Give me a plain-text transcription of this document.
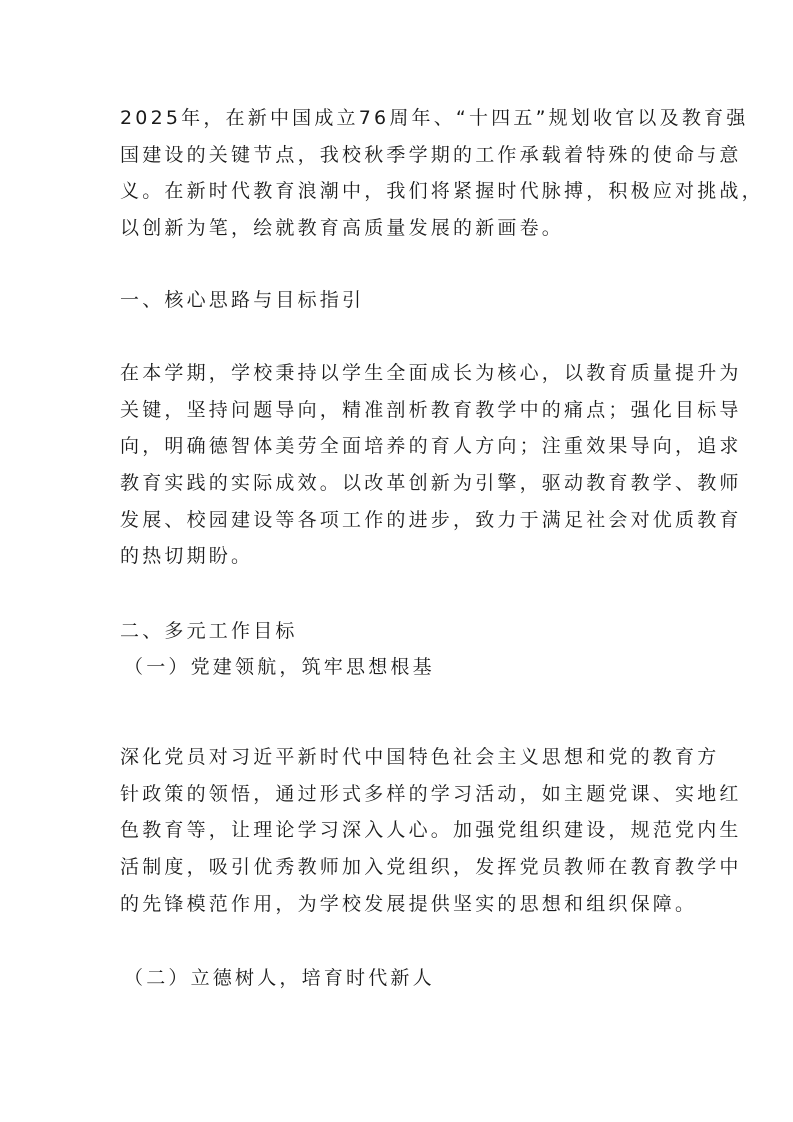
2025年，在新中国成立76周年、“十四五”规划收官以及教育强
国建设的关键节点，我校秋季学期的工作承载着特殊的使命与意
义。在新时代教育浪潮中，我们将紧握时代脉搏，积极应对挑战，
以创新为笔，绘就教育高质量发展的新画卷。
一、核心思路与目标指引
在本学期，学校秉持以学生全面成长为核心，以教育质量提升为
关键，坚持问题导向，精准剖析教育教学中的痛点；强化目标导
向，明确德智体美劳全面培养的育人方向；注重效果导向，追求
教育实践的实际成效。以改革创新为引擎，驱动教育教学、教师
发展、校园建设等各项工作的进步，致力于满足社会对优质教育
的热切期盼。
二、多元工作目标
（一）党建领航，筑牢思想根基
深化党员对习近平新时代中国特色社会主义思想和党的教育方
针政策的领悟，通过形式多样的学习活动，如主题党课、实地红
色教育等，让理论学习深入人心。加强党组织建设，规范党内生
活制度，吸引优秀教师加入党组织，发挥党员教师在教育教学中
的先锋模范作用，为学校发展提供坚实的思想和组织保障。
（二）立德树人，培育时代新人
